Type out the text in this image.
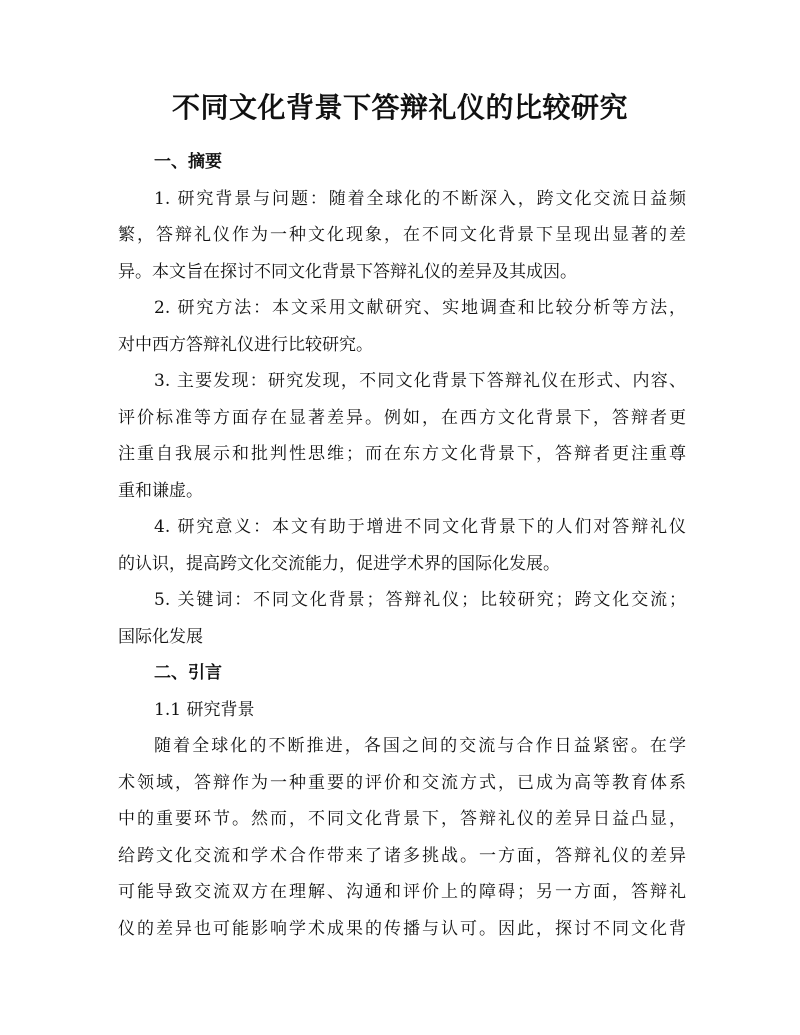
不同文化背景下答辩礼仪的比较研究
一、摘要
1. 研究背景与问题：随着全球化的不断深入，跨文化交流日益频
繁，答辩礼仪作为一种文化现象，在不同文化背景下呈现出显著的差
异。本文旨在探讨不同文化背景下答辩礼仪的差异及其成因。
2. 研究方法：本文采用文献研究、实地调查和比较分析等方法，
对中西方答辩礼仪进行比较研究。
3. 主要发现：研究发现，不同文化背景下答辩礼仪在形式、内容、
评价标准等方面存在显著差异。例如，在西方文化背景下，答辩者更
注重自我展示和批判性思维；而在东方文化背景下，答辩者更注重尊
重和谦虚。
4. 研究意义：本文有助于增进不同文化背景下的人们对答辩礼仪
的认识，提高跨文化交流能力，促进学术界的国际化发展。
5. 关键词：不同文化背景；答辩礼仪；比较研究；跨文化交流；
国际化发展
二、引言
1.1 研究背景
随着全球化的不断推进，各国之间的交流与合作日益紧密。在学
术领域，答辩作为一种重要的评价和交流方式，已成为高等教育体系
中的重要环节。然而，不同文化背景下，答辩礼仪的差异日益凸显，
给跨文化交流和学术合作带来了诸多挑战。一方面，答辩礼仪的差异
可能导致交流双方在理解、沟通和评价上的障碍；另一方面，答辩礼
仪的差异也可能影响学术成果的传播与认可。因此，探讨不同文化背
